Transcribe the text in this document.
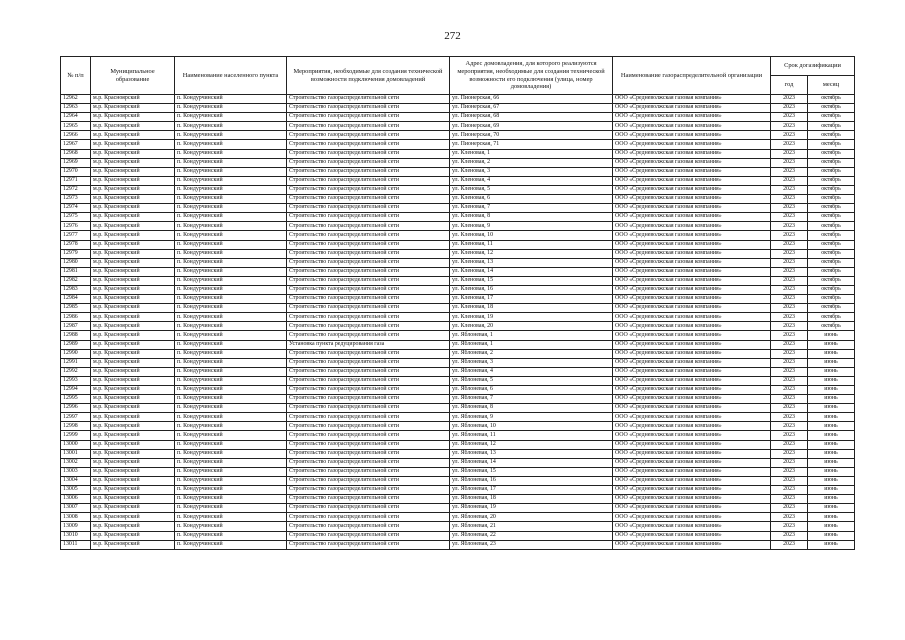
272
№ п/п	Муниципальное образование	Наименование населенного пункта	Мероприятия, необходимые для создания технической возможности подключения домовладений	Адрес домовладения, для которого реализуются мероприятия, необходимые для создания технической возможности его подключения (улица, номер домовладения)	Наименование газораспределительной организации	Срок догазификации	
						год	месяц
12962	м.р. Красноярский	п. Кондурчинский	Строительство газораспределительной сети	ул. Пионерская, 66	ООО «Средневолжская газовая компания»	2023	октябрь
12963	м.р. Красноярский	п. Кондурчинский	Строительство газораспределительной сети	ул. Пионерская, 67	ООО «Средневолжская газовая компания»	2023	октябрь
12964	м.р. Красноярский	п. Кондурчинский	Строительство газораспределительной сети	ул. Пионерская, 68	ООО «Средневолжская газовая компания»	2023	октябрь
12965	м.р. Красноярский	п. Кондурчинский	Строительство газораспределительной сети	ул. Пионерская, 69	ООО «Средневолжская газовая компания»	2023	октябрь
12966	м.р. Красноярский	п. Кондурчинский	Строительство газораспределительной сети	ул. Пионерская, 70	ООО «Средневолжская газовая компания»	2023	октябрь
12967	м.р. Красноярский	п. Кондурчинский	Строительство газораспределительной сети	ул. Пионерская, 71	ООО «Средневолжская газовая компания»	2023	октябрь
12968	м.р. Красноярский	п. Кондурчинский	Строительство газораспределительной сети	ул. Кленовая, 1	ООО «Средневолжская газовая компания»	2023	октябрь
12969	м.р. Красноярский	п. Кондурчинский	Строительство газораспределительной сети	ул. Кленовая, 2	ООО «Средневолжская газовая компания»	2023	октябрь
12970	м.р. Красноярский	п. Кондурчинский	Строительство газораспределительной сети	ул. Кленовая, 3	ООО «Средневолжская газовая компания»	2023	октябрь
12971	м.р. Красноярский	п. Кондурчинский	Строительство газораспределительной сети	ул. Кленовая, 4	ООО «Средневолжская газовая компания»	2023	октябрь
12972	м.р. Красноярский	п. Кондурчинский	Строительство газораспределительной сети	ул. Кленовая, 5	ООО «Средневолжская газовая компания»	2023	октябрь
12973	м.р. Красноярский	п. Кондурчинский	Строительство газораспределительной сети	ул. Кленовая, 6	ООО «Средневолжская газовая компания»	2023	октябрь
12974	м.р. Красноярский	п. Кондурчинский	Строительство газораспределительной сети	ул. Кленовая, 7	ООО «Средневолжская газовая компания»	2023	октябрь
12975	м.р. Красноярский	п. Кондурчинский	Строительство газораспределительной сети	ул. Кленовая, 8	ООО «Средневолжская газовая компания»	2023	октябрь
12976	м.р. Красноярский	п. Кондурчинский	Строительство газораспределительной сети	ул. Кленовая, 9	ООО «Средневолжская газовая компания»	2023	октябрь
12977	м.р. Красноярский	п. Кондурчинский	Строительство газораспределительной сети	ул. Кленовая, 10	ООО «Средневолжская газовая компания»	2023	октябрь
12978	м.р. Красноярский	п. Кондурчинский	Строительство газораспределительной сети	ул. Кленовая, 11	ООО «Средневолжская газовая компания»	2023	октябрь
12979	м.р. Красноярский	п. Кондурчинский	Строительство газораспределительной сети	ул. Кленовая, 12	ООО «Средневолжская газовая компания»	2023	октябрь
12980	м.р. Красноярский	п. Кондурчинский	Строительство газораспределительной сети	ул. Кленовая, 13	ООО «Средневолжская газовая компания»	2023	октябрь
12981	м.р. Красноярский	п. Кондурчинский	Строительство газораспределительной сети	ул. Кленовая, 14	ООО «Средневолжская газовая компания»	2023	октябрь
12982	м.р. Красноярский	п. Кондурчинский	Строительство газораспределительной сети	ул. Кленовая, 15	ООО «Средневолжская газовая компания»	2023	октябрь
12983	м.р. Красноярский	п. Кондурчинский	Строительство газораспределительной сети	ул. Кленовая, 16	ООО «Средневолжская газовая компания»	2023	октябрь
12984	м.р. Красноярский	п. Кондурчинский	Строительство газораспределительной сети	ул. Кленовая, 17	ООО «Средневолжская газовая компания»	2023	октябрь
12985	м.р. Красноярский	п. Кондурчинский	Строительство газораспределительной сети	ул. Кленовая, 18	ООО «Средневолжская газовая компания»	2023	октябрь
12986	м.р. Красноярский	п. Кондурчинский	Строительство газораспределительной сети	ул. Кленовая, 19	ООО «Средневолжская газовая компания»	2023	октябрь
12987	м.р. Красноярский	п. Кондурчинский	Строительство газораспределительной сети	ул. Кленовая, 20	ООО «Средневолжская газовая компания»	2023	октябрь
12988	м.р. Красноярский	п. Кондурчинский	Строительство газораспределительной сети	ул. Яблоневая, 1	ООО «Средневолжская газовая компания»	2023	июнь
12989	м.р. Красноярский	п. Кондурчинский	Установка пункта редуцирования газа	ул. Яблоневая, 1	ООО «Средневолжская газовая компания»	2023	июнь
12990	м.р. Красноярский	п. Кондурчинский	Строительство газораспределительной сети	ул. Яблоневая, 2	ООО «Средневолжская газовая компания»	2023	июнь
12991	м.р. Красноярский	п. Кондурчинский	Строительство газораспределительной сети	ул. Яблоневая, 3	ООО «Средневолжская газовая компания»	2023	июнь
12992	м.р. Красноярский	п. Кондурчинский	Строительство газораспределительной сети	ул. Яблоневая, 4	ООО «Средневолжская газовая компания»	2023	июнь
12993	м.р. Красноярский	п. Кондурчинский	Строительство газораспределительной сети	ул. Яблоневая, 5	ООО «Средневолжская газовая компания»	2023	июнь
12994	м.р. Красноярский	п. Кондурчинский	Строительство газораспределительной сети	ул. Яблоневая, 6	ООО «Средневолжская газовая компания»	2023	июнь
12995	м.р. Красноярский	п. Кондурчинский	Строительство газораспределительной сети	ул. Яблоневая, 7	ООО «Средневолжская газовая компания»	2023	июнь
12996	м.р. Красноярский	п. Кондурчинский	Строительство газораспределительной сети	ул. Яблоневая, 8	ООО «Средневолжская газовая компания»	2023	июнь
12997	м.р. Красноярский	п. Кондурчинский	Строительство газораспределительной сети	ул. Яблоневая, 9	ООО «Средневолжская газовая компания»	2023	июнь
12998	м.р. Красноярский	п. Кондурчинский	Строительство газораспределительной сети	ул. Яблоневая, 10	ООО «Средневолжская газовая компания»	2023	июнь
12999	м.р. Красноярский	п. Кондурчинский	Строительство газораспределительной сети	ул. Яблоневая, 11	ООО «Средневолжская газовая компания»	2023	июнь
13000	м.р. Красноярский	п. Кондурчинский	Строительство газораспределительной сети	ул. Яблоневая, 12	ООО «Средневолжская газовая компания»	2023	июнь
13001	м.р. Красноярский	п. Кондурчинский	Строительство газораспределительной сети	ул. Яблоневая, 13	ООО «Средневолжская газовая компания»	2023	июнь
13002	м.р. Красноярский	п. Кондурчинский	Строительство газораспределительной сети	ул. Яблоневая, 14	ООО «Средневолжская газовая компания»	2023	июнь
13003	м.р. Красноярский	п. Кондурчинский	Строительство газораспределительной сети	ул. Яблоневая, 15	ООО «Средневолжская газовая компания»	2023	июнь
13004	м.р. Красноярский	п. Кондурчинский	Строительство газораспределительной сети	ул. Яблоневая, 16	ООО «Средневолжская газовая компания»	2023	июнь
13005	м.р. Красноярский	п. Кондурчинский	Строительство газораспределительной сети	ул. Яблоневая, 17	ООО «Средневолжская газовая компания»	2023	июнь
13006	м.р. Красноярский	п. Кондурчинский	Строительство газораспределительной сети	ул. Яблоневая, 18	ООО «Средневолжская газовая компания»	2023	июнь
13007	м.р. Красноярский	п. Кондурчинский	Строительство газораспределительной сети	ул. Яблоневая, 19	ООО «Средневолжская газовая компания»	2023	июнь
13008	м.р. Красноярский	п. Кондурчинский	Строительство газораспределительной сети	ул. Яблоневая, 20	ООО «Средневолжская газовая компания»	2023	июнь
13009	м.р. Красноярский	п. Кондурчинский	Строительство газораспределительной сети	ул. Яблоневая, 21	ООО «Средневолжская газовая компания»	2023	июнь
13010	м.р. Красноярский	п. Кондурчинский	Строительство газораспределительной сети	ул. Яблоневая, 22	ООО «Средневолжская газовая компания»	2023	июнь
13011	м.р. Красноярский	п. Кондурчинский	Строительство газораспределительной сети	ул. Яблоневая, 23	ООО «Средневолжская газовая компания»	2023	июнь
